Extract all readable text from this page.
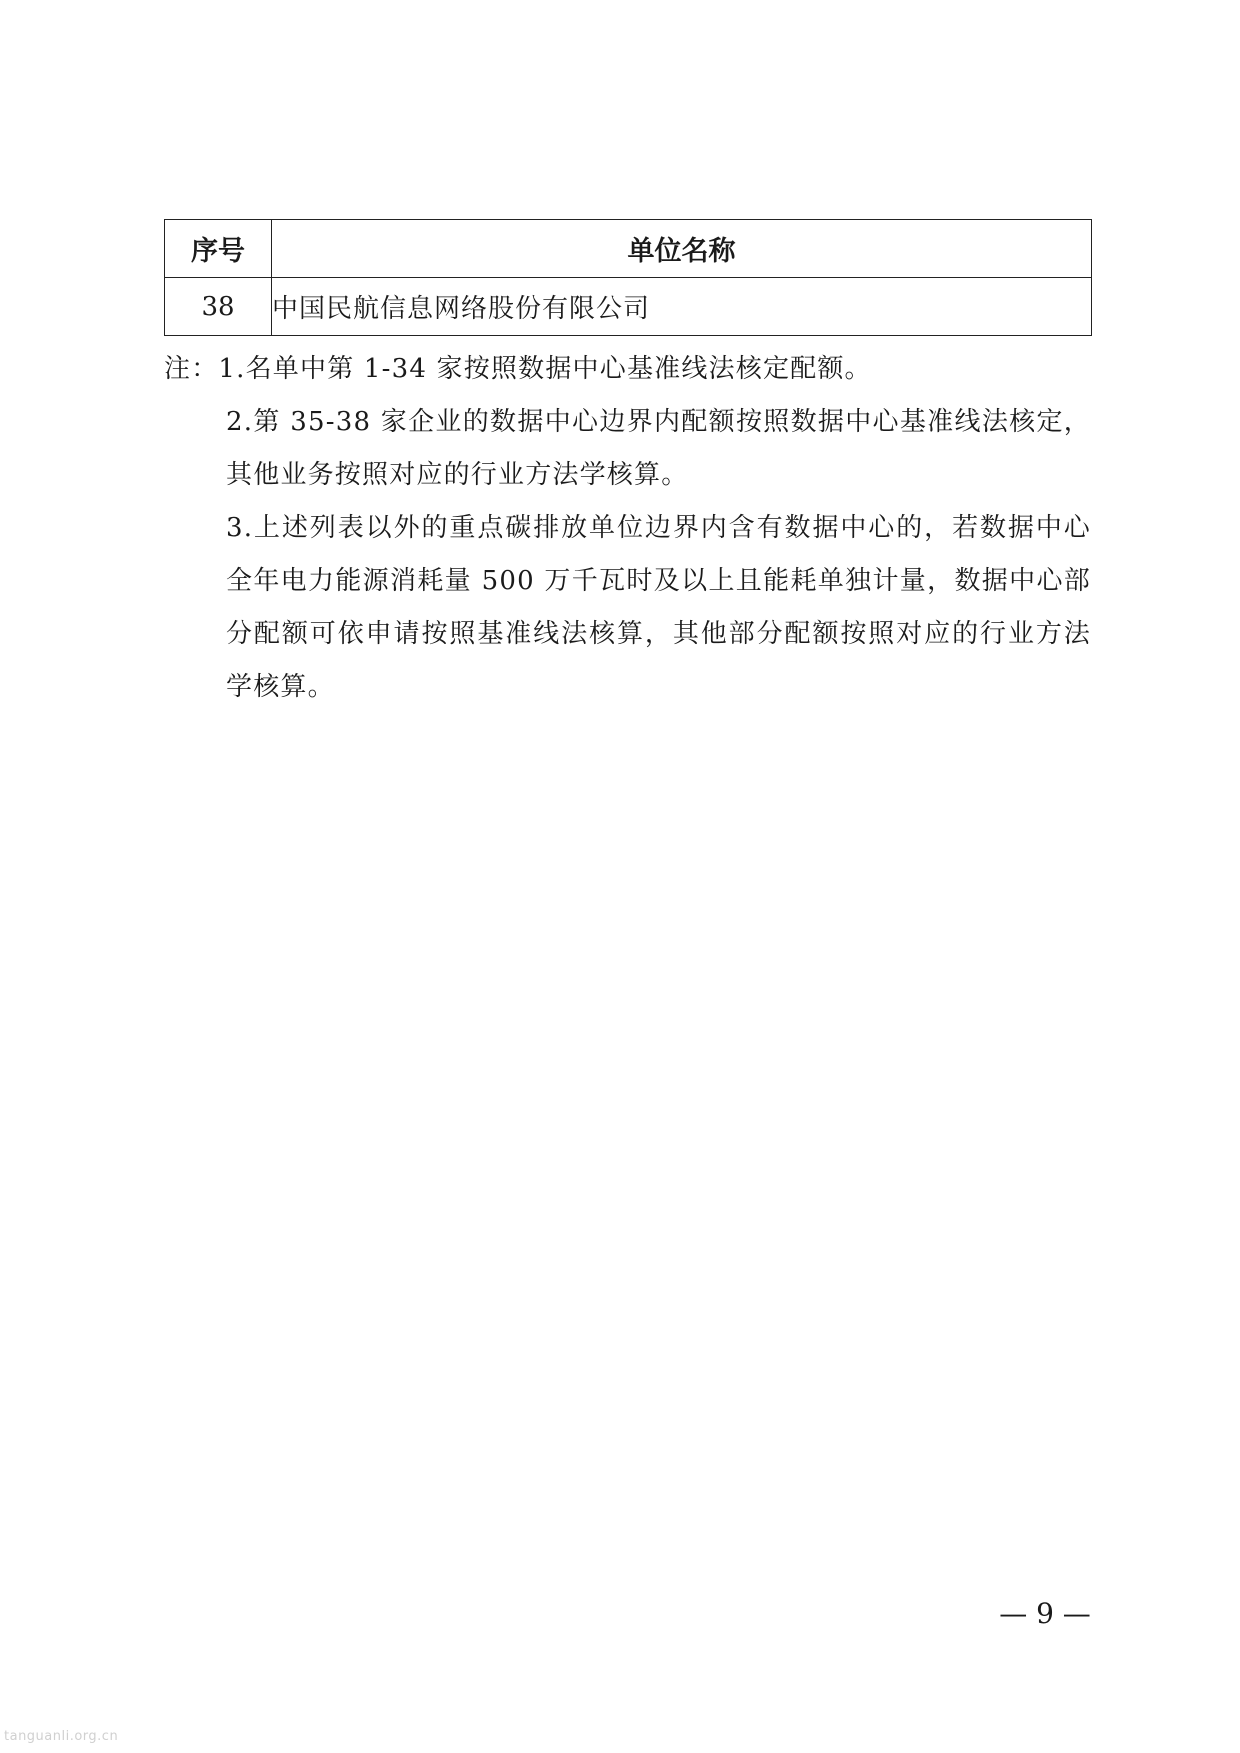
序号	单位名称
38	中国民航信息网络股份有限公司

注：1.名单中第 1-34 家按照数据中心基准线法核定配额。

2.第 35-38 家企业的数据中心边界内配额按照数据中心基准线法核定，其他业务按照对应的行业方法学核算。

3.上述列表以外的重点碳排放单位边界内含有数据中心的，若数据中心全年电力能源消耗量 500 万千瓦时及以上且能耗单独计量，数据中心部分配额可依申请按照基准线法核算，其他部分配额按照对应的行业方法学核算。

— 9 —
tanguanli.org.cn
